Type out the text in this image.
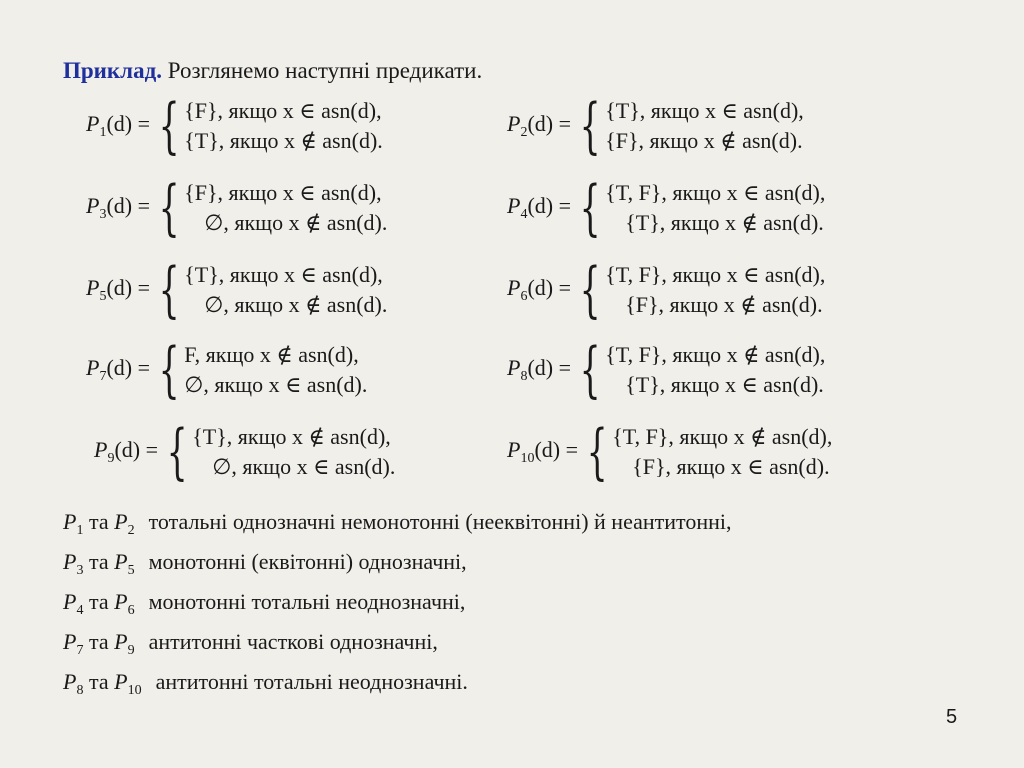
Приклад. Розглянемо наступні предикати.
$P_1(d)$ = { {F}, якщо x ∈ asn(d),
{T}, якщо x ∉ asn(d).
$P_2(d)$ = { {T}, якщо x ∈ asn(d),
{F}, якщо x ∉ asn(d).
$P_3(d)$ = { {F}, якщо x ∈ asn(d),
∅, якщо x ∉ asn(d).
$P_4(d)$ = { {T, F}, якщо x ∈ asn(d),
{T}, якщо x ∉ asn(d).
$P_5(d)$ = { {T}, якщо x ∈ asn(d),
∅, якщо x ∉ asn(d).
$P_6(d)$ = { {T, F}, якщо x ∈ asn(d),
{F}, якщо x ∉ asn(d).
$P_7(d)$ = { F, якщо x ∉ asn(d),
∅, якщо x ∈ asn(d).
$P_8(d)$ = { {T, F}, якщо x ∉ asn(d),
{T}, якщо x ∈ asn(d).
$P_9(d)$ = { {T}, якщо x ∉ asn(d),
∅, якщо x ∈ asn(d).
$P_{10}(d)$ = { {T, F}, якщо x ∉ asn(d),
{F}, якщо x ∈ asn(d).
$P_1$ та $P_2$ тотальні однозначні немонотонні (нееквітонні) й неантитонні,
$P_3$ та $P_5$ монотонні (еквітонні) однозначні,
$P_4$ та $P_6$ монотонні тотальні неоднозначні,
$P_7$ та $P_9$ антитонні часткові однозначні,
$P_8$ та $P_{10}$ антитонні тотальні неоднозначні.
5
